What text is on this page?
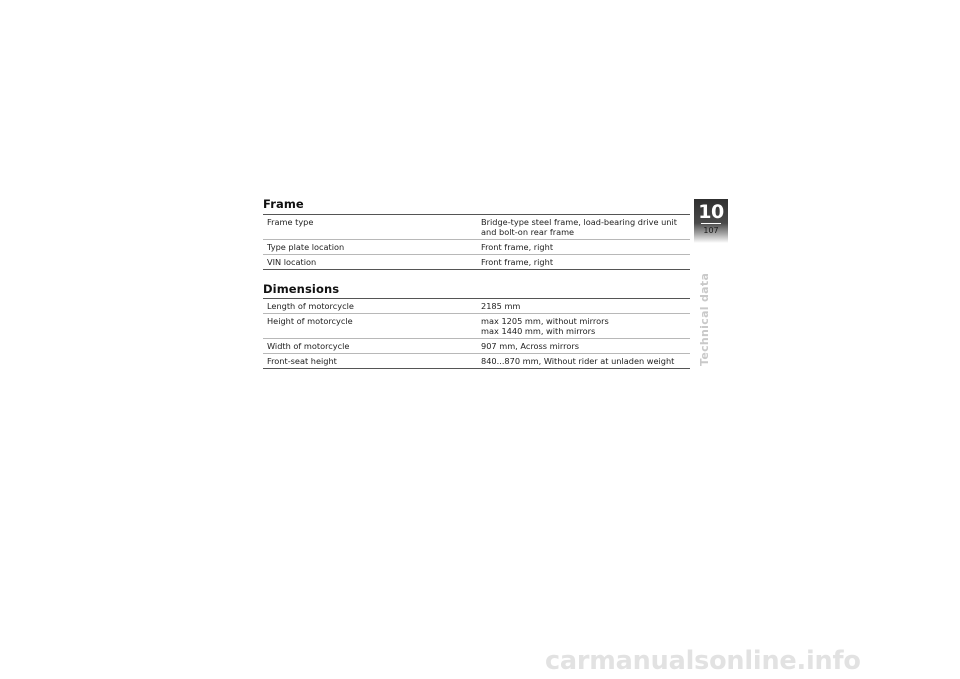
Frame
Frame type	Bridge-type steel frame, load-bearing drive unit
and bolt-on rear frame
Type plate location	Front frame, right
VIN location	Front frame, right
Dimensions
Length of motorcycle	2185 mm
Height of motorcycle	max 1205 mm, without mirrors
max 1440 mm, with mirrors
Width of motorcycle	907 mm, Across mirrors
Front-seat height	840...870 mm, Without rider at unladen weight
10
107
Technical data
carmanualsonline.info
